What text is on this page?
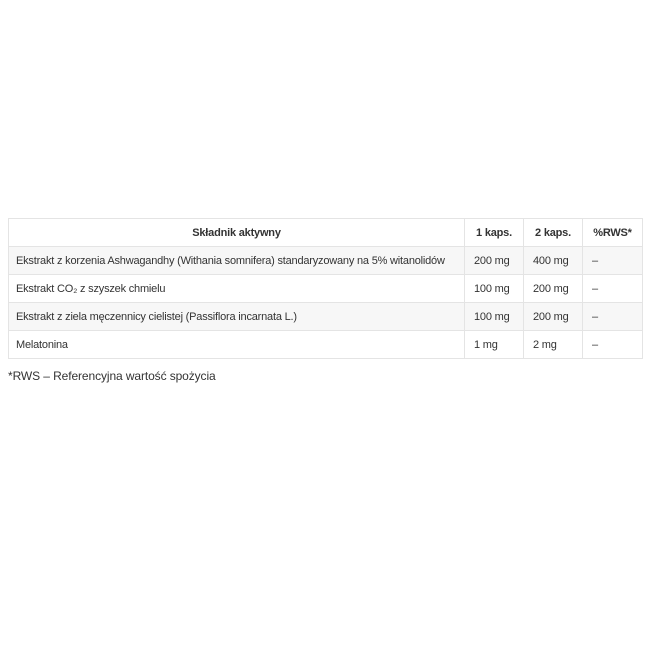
Składnik aktywny	1 kaps.	2 kaps.	%RWS*
Ekstrakt z korzenia Ashwagandhy (Withania somnifera) standaryzowany na 5% witanolidów	200 mg	400 mg	–
Ekstrakt CO₂ z szyszek chmielu	100 mg	200 mg	–
Ekstrakt z ziela męczennicy cielistej (Passiflora incarnata L.)	100 mg	200 mg	–
Melatonina	1 mg	2 mg	–
*RWS – Referencyjna wartość spożycia
